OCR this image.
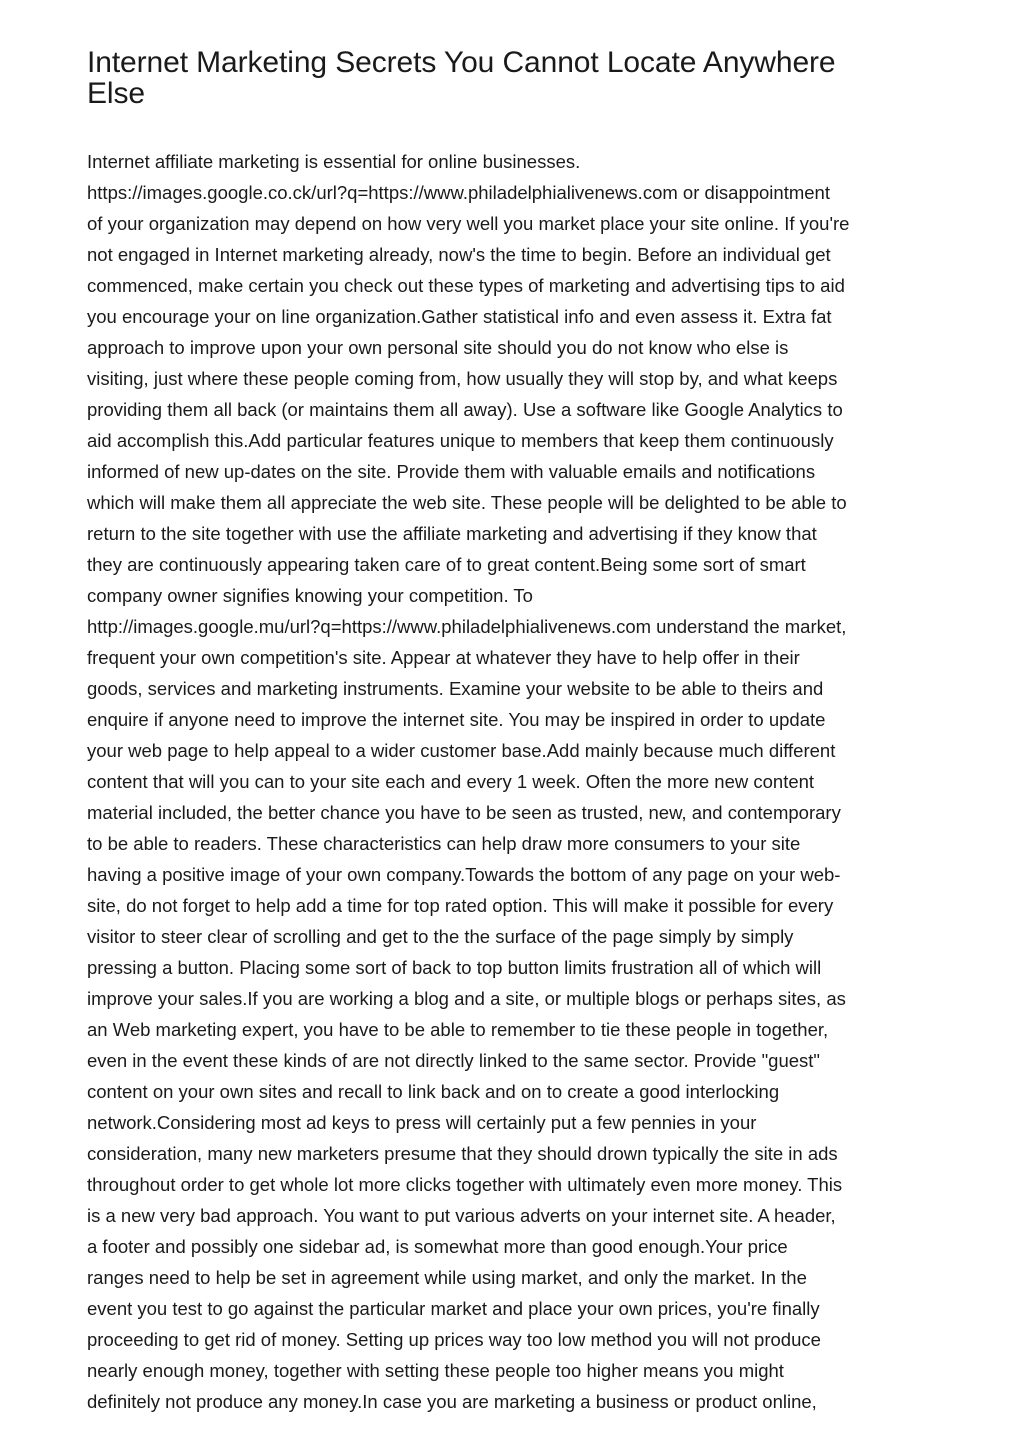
Internet Marketing Secrets You Cannot Locate Anywhere
Else
Internet affiliate marketing is essential for online businesses.
https://images.google.co.ck/url?q=https://www.philadelphialivenews.com or disappointment
of your organization may depend on how very well you market place your site online. If you're
not engaged in Internet marketing already, now's the time to begin. Before an individual get
commenced, make certain you check out these types of marketing and advertising tips to aid
you encourage your on line organization.Gather statistical info and even assess it. Extra fat
approach to improve upon your own personal site should you do not know who else is
visiting, just where these people coming from, how usually they will stop by, and what keeps
providing them all back (or maintains them all away). Use a software like Google Analytics to
aid accomplish this.Add particular features unique to members that keep them continuously
informed of new up-dates on the site. Provide them with valuable emails and notifications
which will make them all appreciate the web site. These people will be delighted to be able to
return to the site together with use the affiliate marketing and advertising if they know that
they are continuously appearing taken care of to great content.Being some sort of smart
company owner signifies knowing your competition. To
http://images.google.mu/url?q=https://www.philadelphialivenews.com understand the market,
frequent your own competition's site. Appear at whatever they have to help offer in their
goods, services and marketing instruments. Examine your website to be able to theirs and
enquire if anyone need to improve the internet site. You may be inspired in order to update
your web page to help appeal to a wider customer base.Add mainly because much different
content that will you can to your site each and every 1 week. Often the more new content
material included, the better chance you have to be seen as trusted, new, and contemporary
to be able to readers. These characteristics can help draw more consumers to your site
having a positive image of your own company.Towards the bottom of any page on your web-
site, do not forget to help add a time for top rated option. This will make it possible for every
visitor to steer clear of scrolling and get to the the surface of the page simply by simply
pressing a button. Placing some sort of back to top button limits frustration all of which will
improve your sales.If you are working a blog and a site, or multiple blogs or perhaps sites, as
an Web marketing expert, you have to be able to remember to tie these people in together,
even in the event these kinds of are not directly linked to the same sector. Provide "guest"
content on your own sites and recall to link back and on to create a good interlocking
network.Considering most ad keys to press will certainly put a few pennies in your
consideration, many new marketers presume that they should drown typically the site in ads
throughout order to get whole lot more clicks together with ultimately even more money. This
is a new very bad approach. You want to put various adverts on your internet site. A header,
a footer and possibly one sidebar ad, is somewhat more than good enough.Your price
ranges need to help be set in agreement while using market, and only the market. In the
event you test to go against the particular market and place your own prices, you're finally
proceeding to get rid of money. Setting up prices way too low method you will not produce
nearly enough money, together with setting these people too higher means you might
definitely not produce any money.In case you are marketing a business or product online,
